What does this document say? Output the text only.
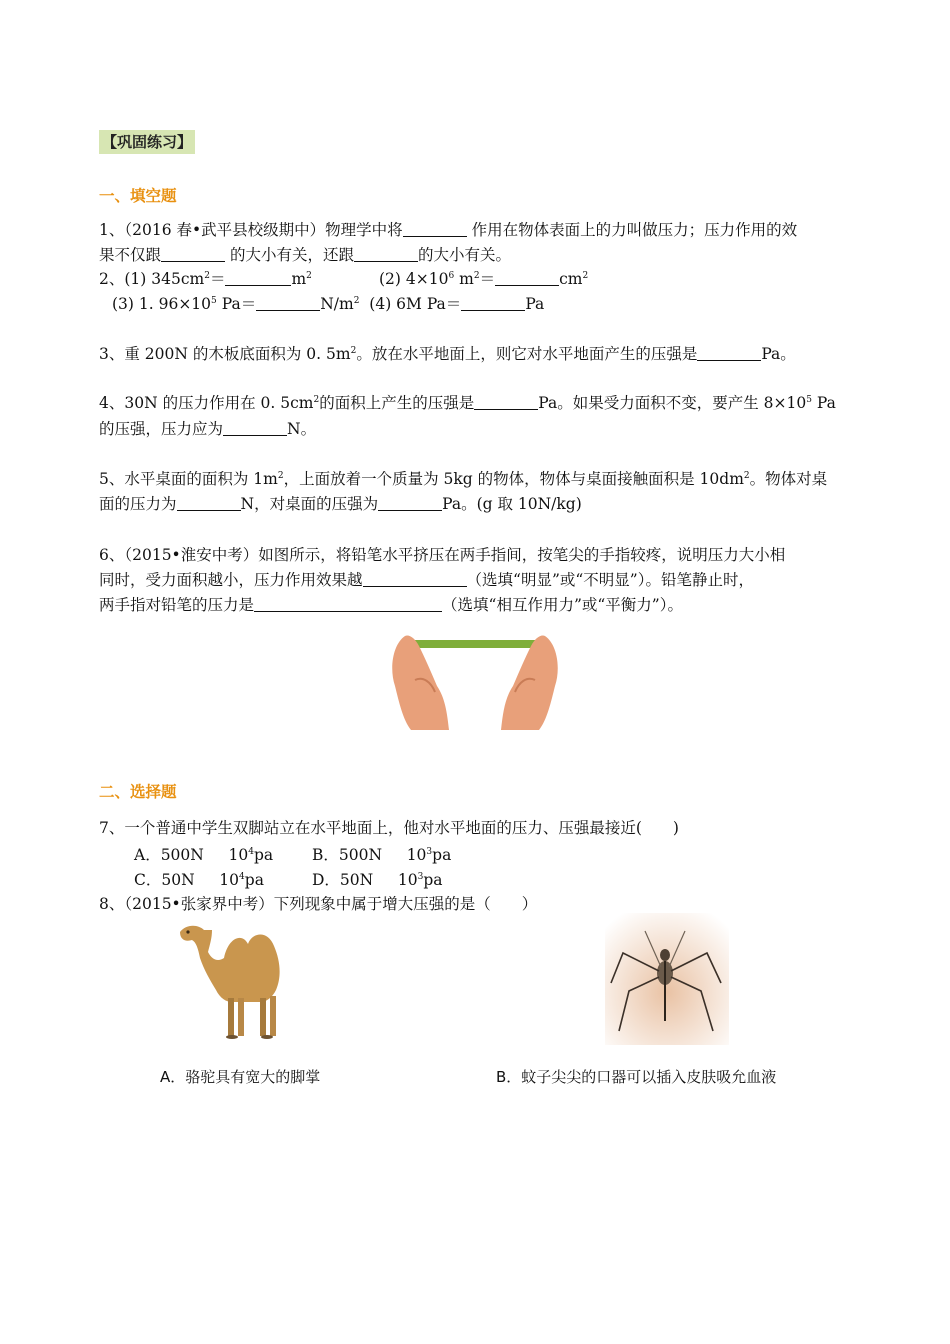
【巩固练习】
一、填空题
1、（2016 春•武平县校级期中）物理学中将	作用在物体表面上的力叫做压力；压力作用的效
果不仅跟	的大小有关，还跟	的大小有关。
2、(1) $345cm^2=$	$m^2$	(2) $4\times 10^6$ $m^2=$	$cm^2$
(3) 1. $96\times 10^5$ Pa＝	$N/m^2$ (4) 6M Pa＝	Pa
3、重 200N 的木板底面积为 0. $5m^2$。放在水平地面上，则它对水平地面产生的压强是	Pa。
4、30N 的压力作用在 0. $5cm^2$的面积上产生的压强是	Pa。如果受力面积不变，要产生 $8\times 10^5$ Pa
的压强，压力应为	N。
5、水平桌面的面积为 $1m^2$，上面放着一个质量为 5kg 的物体，物体与桌面接触面积是 $10dm^2$。物体对桌
面的压力为	N，对桌面的压强为	Pa。(g 取 10N/kg)
6、（2015•淮安中考）如图所示，将铅笔水平挤压在两手指间，按笔尖的手指较疼，说明压力大小相
同时，受力面积越小，压力作用效果越	（选填“明显”或“不明显”）。铅笔静止时，
两手指对铅笔的压力是	（选填“相互作用力”或“平衡力”）。
二、选择题
7、一个普通中学生双脚站立在水平地面上，他对水平地面的压力、压强最接近(　　)
A．500N $10^4pa$	B．500N $10^3pa$
C．50N $10^4pa$	D．50N $10^3pa$
8、（2015•张家界中考）下列现象中属于增大压强的是（　　）
A．骆驼具有宽大的脚掌	B．蚊子尖尖的口器可以插入皮肤吸允血液
